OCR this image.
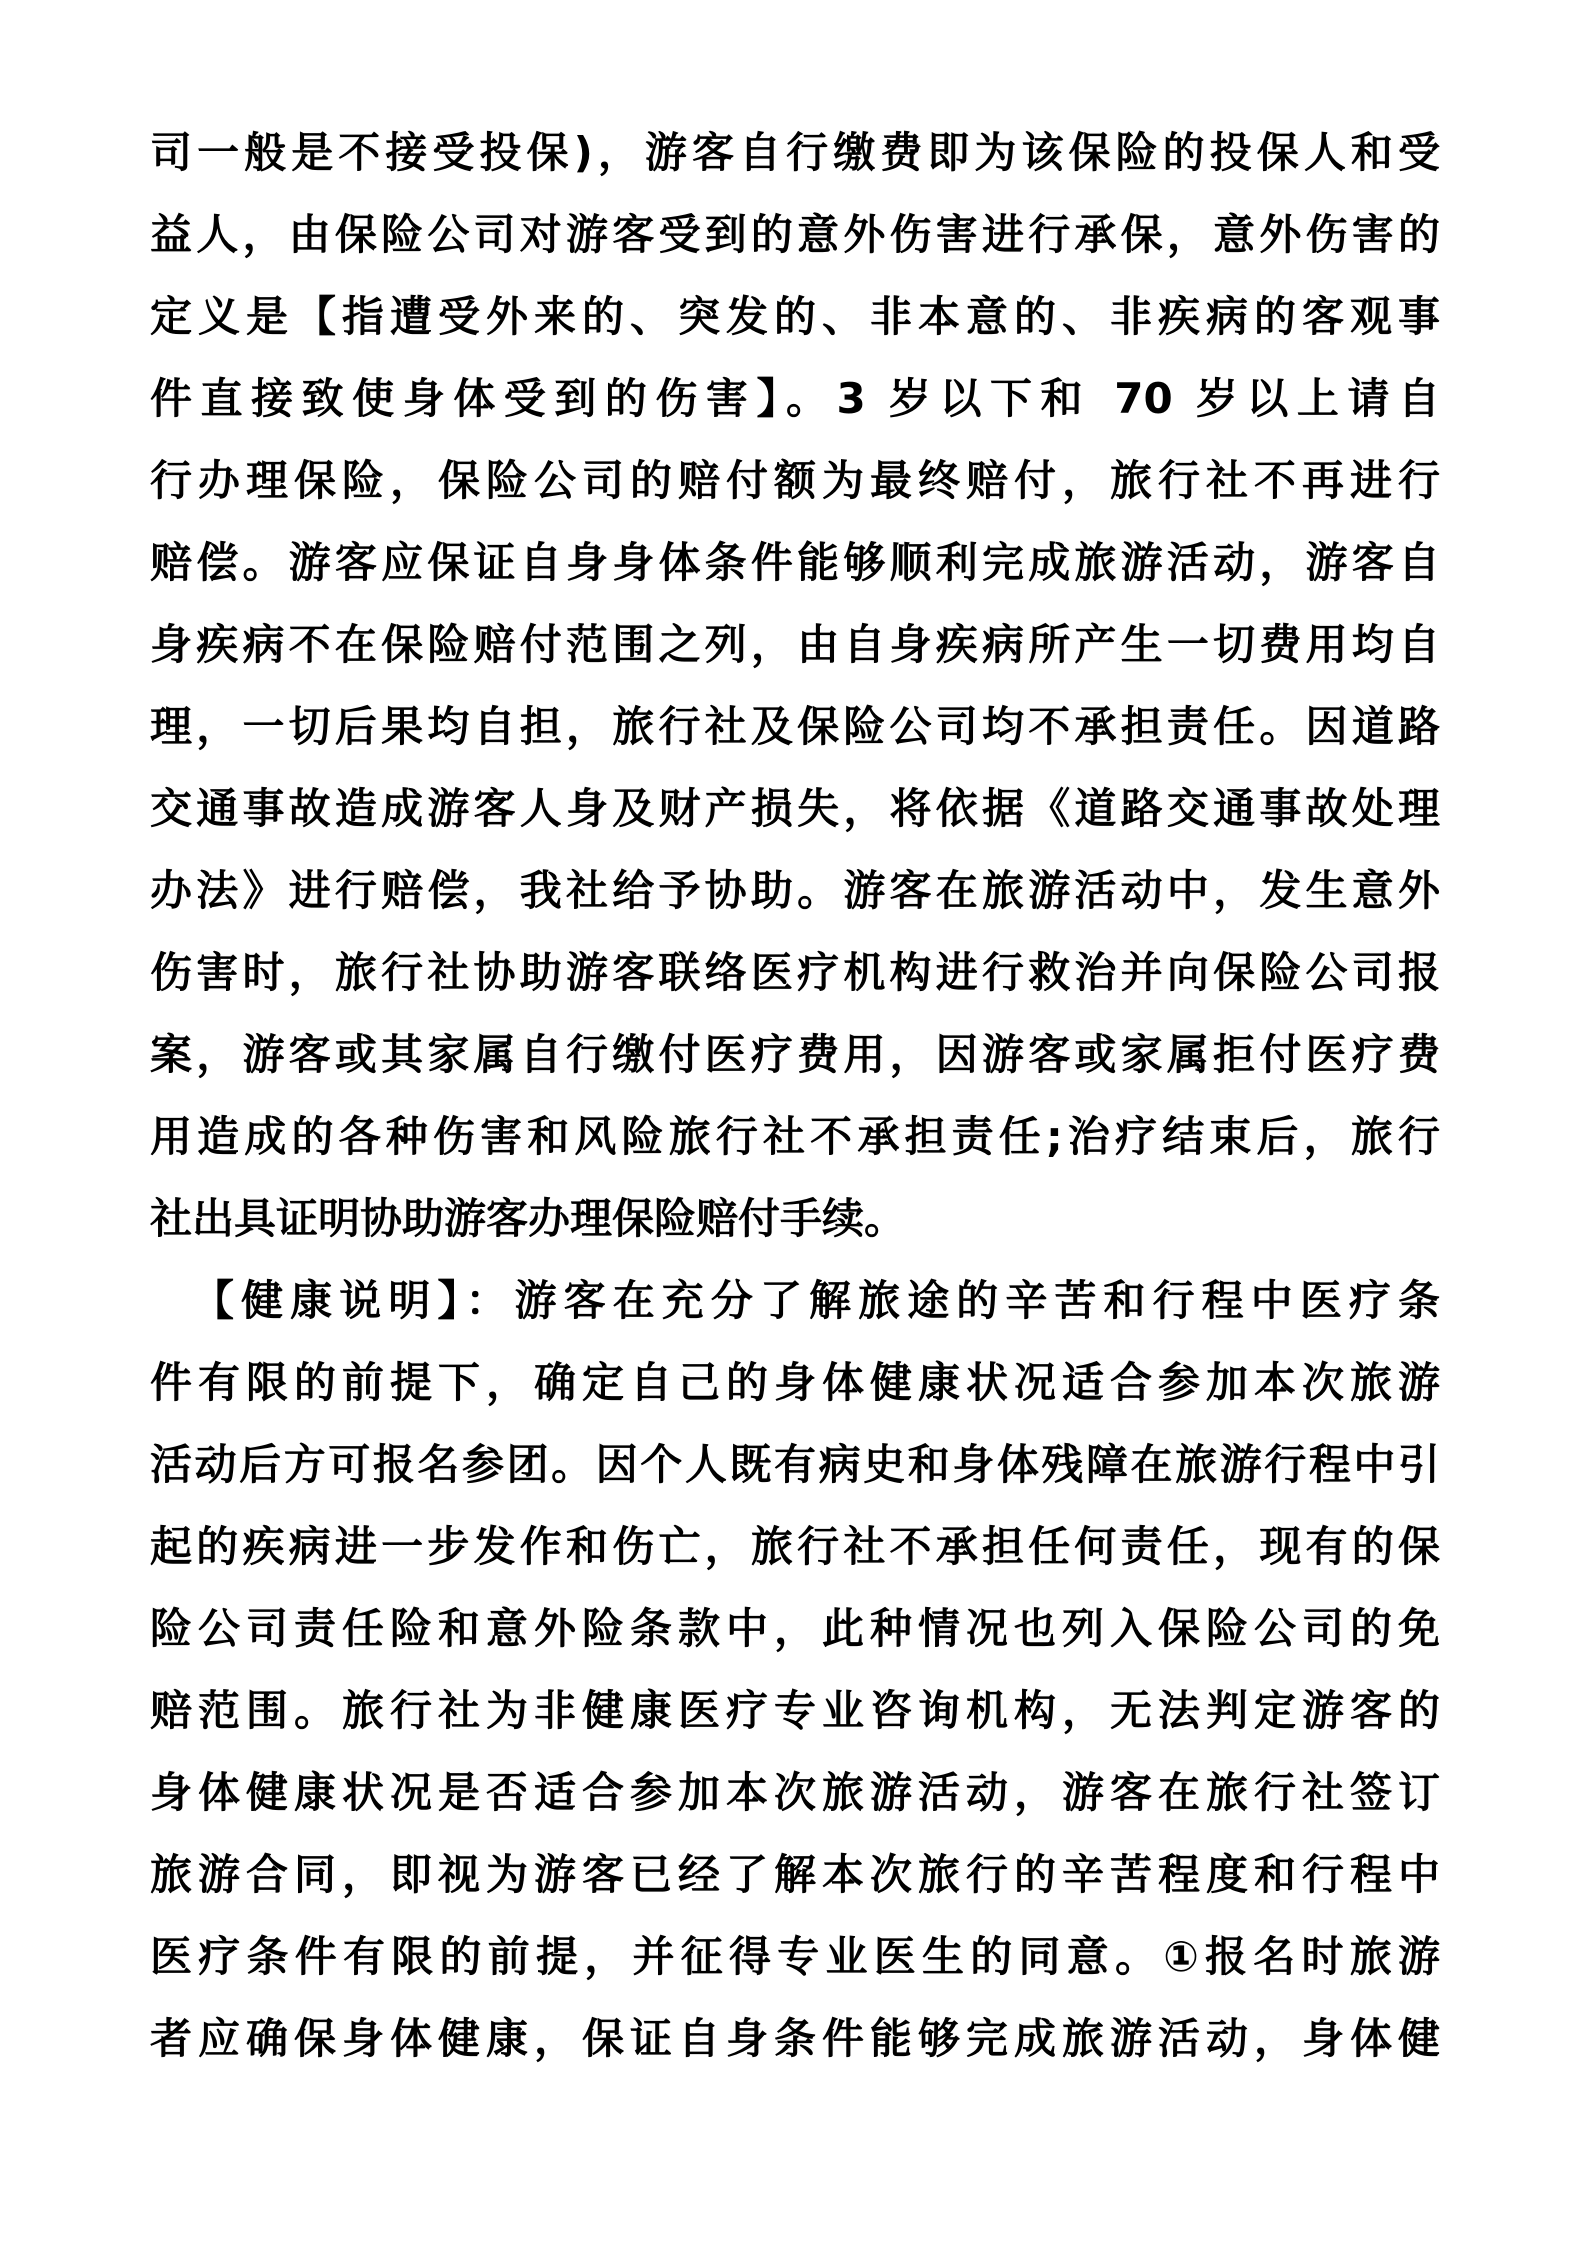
司一般是不接受投保)，游客自行缴费即为该保险的投保人和受
益人，由保险公司对游客受到的意外伤害进行承保，意外伤害的
定义是【指遭受外来的、突发的、非本意的、非疾病的客观事
件直接致使身体受到的伤害】。3 岁以下和 70 岁以上请自
行办理保险，保险公司的赔付额为最终赔付，旅行社不再进行
赔偿。游客应保证自身身体条件能够顺利完成旅游活动，游客自
身疾病不在保险赔付范围之列，由自身疾病所产生一切费用均自
理，一切后果均自担，旅行社及保险公司均不承担责任。因道路
交通事故造成游客人身及财产损失，将依据《道路交通事故处理
办法》进行赔偿，我社给予协助。游客在旅游活动中，发生意外
伤害时，旅行社协助游客联络医疗机构进行救治并向保险公司报
案，游客或其家属自行缴付医疗费用，因游客或家属拒付医疗费
用造成的各种伤害和风险旅行社不承担责任;治疗结束后，旅行
社出具证明协助游客办理保险赔付手续。
【健康说明】：游客在充分了解旅途的辛苦和行程中医疗条
件有限的前提下，确定自己的身体健康状况适合参加本次旅游
活动后方可报名参团。因个人既有病史和身体残障在旅游行程中引
起的疾病进一步发作和伤亡，旅行社不承担任何责任，现有的保
险公司责任险和意外险条款中，此种情况也列入保险公司的免
赔范围。旅行社为非健康医疗专业咨询机构，无法判定游客的
身体健康状况是否适合参加本次旅游活动，游客在旅行社签订
旅游合同，即视为游客已经了解本次旅行的辛苦程度和行程中
医疗条件有限的前提，并征得专业医生的同意。①报名时旅游
者应确保身体健康，保证自身条件能够完成旅游活动，身体健
